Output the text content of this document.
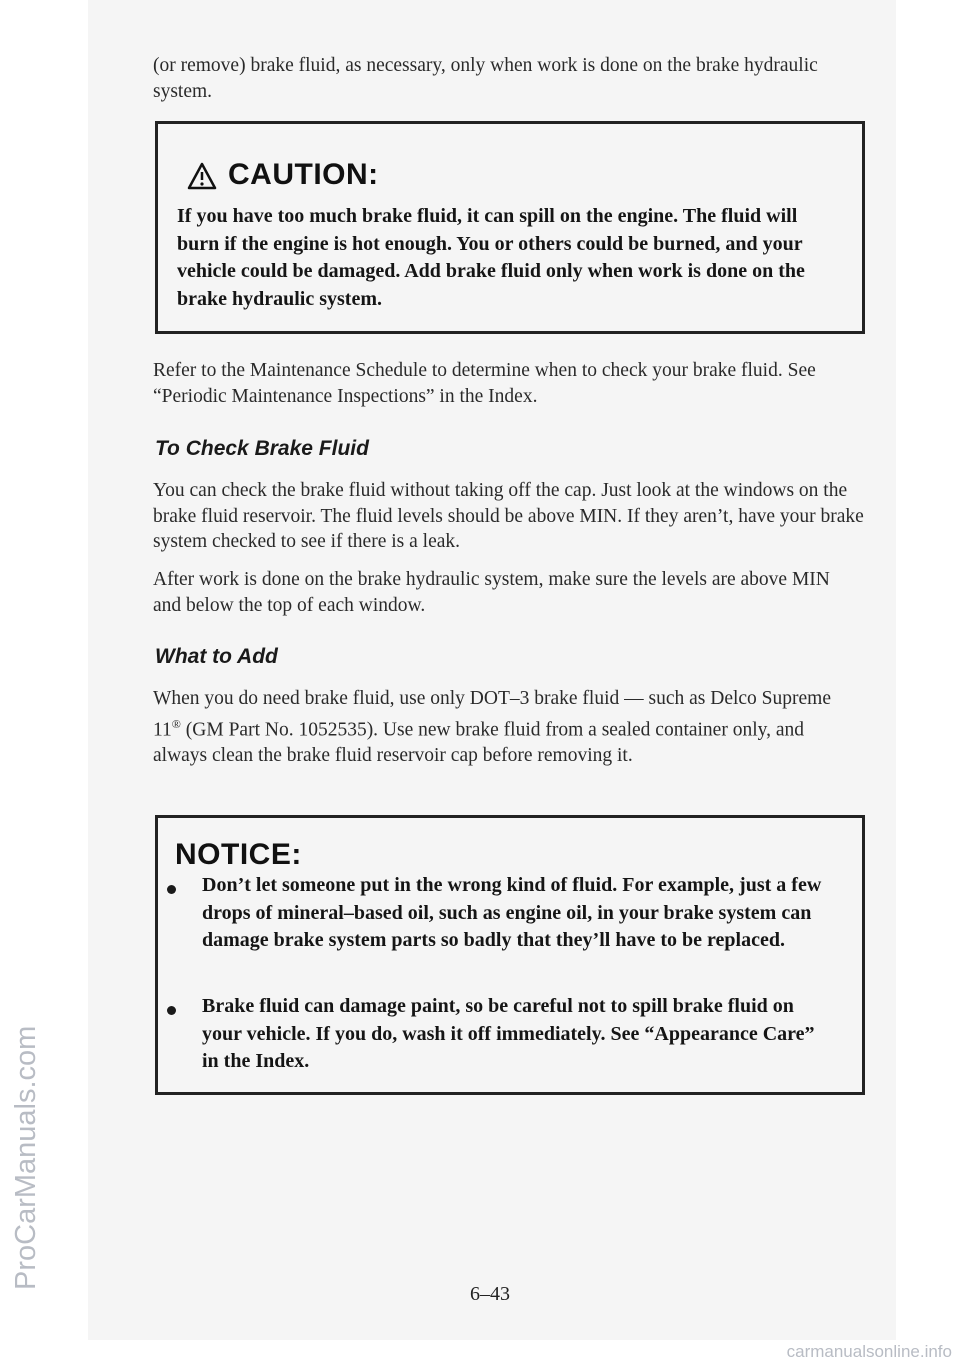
ProCarManuals.com
carmanualsonline.info
(or remove) brake fluid, as necessary, only when work is done on the brake hydraulic system.
CAUTION:
If you have too much brake fluid, it can spill on the engine. The fluid will burn if the engine is hot enough. You or others could be burned, and your vehicle could be damaged. Add brake fluid only when work is done on the brake hydraulic system.
Refer to the Maintenance Schedule to determine when to check your brake fluid. See “Periodic Maintenance Inspections” in the Index.
To Check Brake Fluid
You can check the brake fluid without taking off the cap. Just look at the windows on the brake fluid reservoir. The fluid levels should be above MIN. If they aren’t, have your brake system checked to see if there is a leak.
After work is done on the brake hydraulic system, make sure the levels are above MIN and below the top of each window.
What to Add
When you do need brake fluid, use only DOT–3 brake fluid — such as Delco Supreme 11® (GM Part No. 1052535). Use new brake fluid from a sealed container only, and always clean the brake fluid reservoir cap before removing it.
NOTICE:
Don’t let someone put in the wrong kind of fluid. For example, just a few drops of mineral–based oil, such as engine oil, in your brake system can damage brake system parts so badly that they’ll have to be replaced.
Brake fluid can damage paint, so be careful not to spill brake fluid on your vehicle. If you do, wash it off immediately. See “Appearance Care” in the Index.
6–43
